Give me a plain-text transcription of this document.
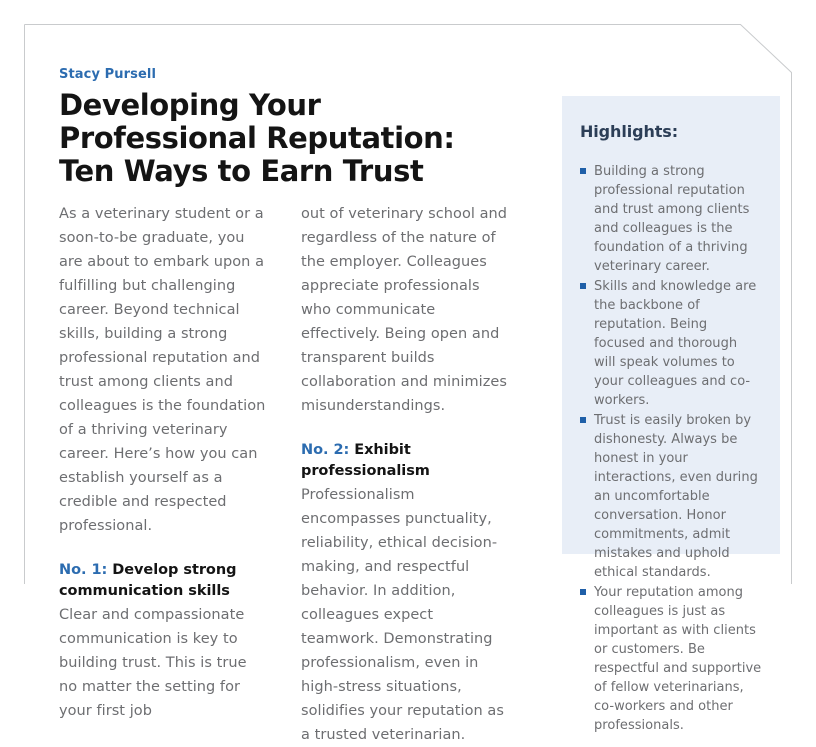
Stacy Pursell
Developing Your
Professional Reputation:
Ten Ways to Earn Trust

As a veterinary student or a soon-to-be graduate, you are about to embark upon a fulfilling but challenging career. Beyond technical skills, building a strong professional reputation and trust among clients and colleagues is the foundation of a thriving veterinary career. Here’s how you can establish yourself as a credible and respected professional.

No. 1: Develop strong communication skills

Clear and compassionate communication is key to building trust. This is true no matter the setting for your first job

out of veterinary school and regardless of the nature of the employer. Colleagues appreciate professionals who communicate effectively. Being open and transparent builds collaboration and minimizes misunderstandings.

No. 2: Exhibit professionalism

Professionalism encompasses punctuality, reliability, ethical decision-making, and respectful behavior. In addition, colleagues expect teamwork. Demonstrating professionalism, even in high-stress situations, solidifies your reputation as a trusted veterinarian.

Highlights:
Building a strong professional reputation and trust among clients and colleagues is the foundation of a thriving veterinary career.
Skills and knowledge are the backbone of reputation. Being focused and thorough will speak volumes to your colleagues and co-workers.
Trust is easily broken by dishonesty. Always be honest in your interactions, even during an uncomfortable conversation. Honor commitments, admit mistakes and uphold ethical standards.
Your reputation among colleagues is just as important as with clients or customers. Be respectful and supportive of fellow veterinarians, co-workers and other professionals.
